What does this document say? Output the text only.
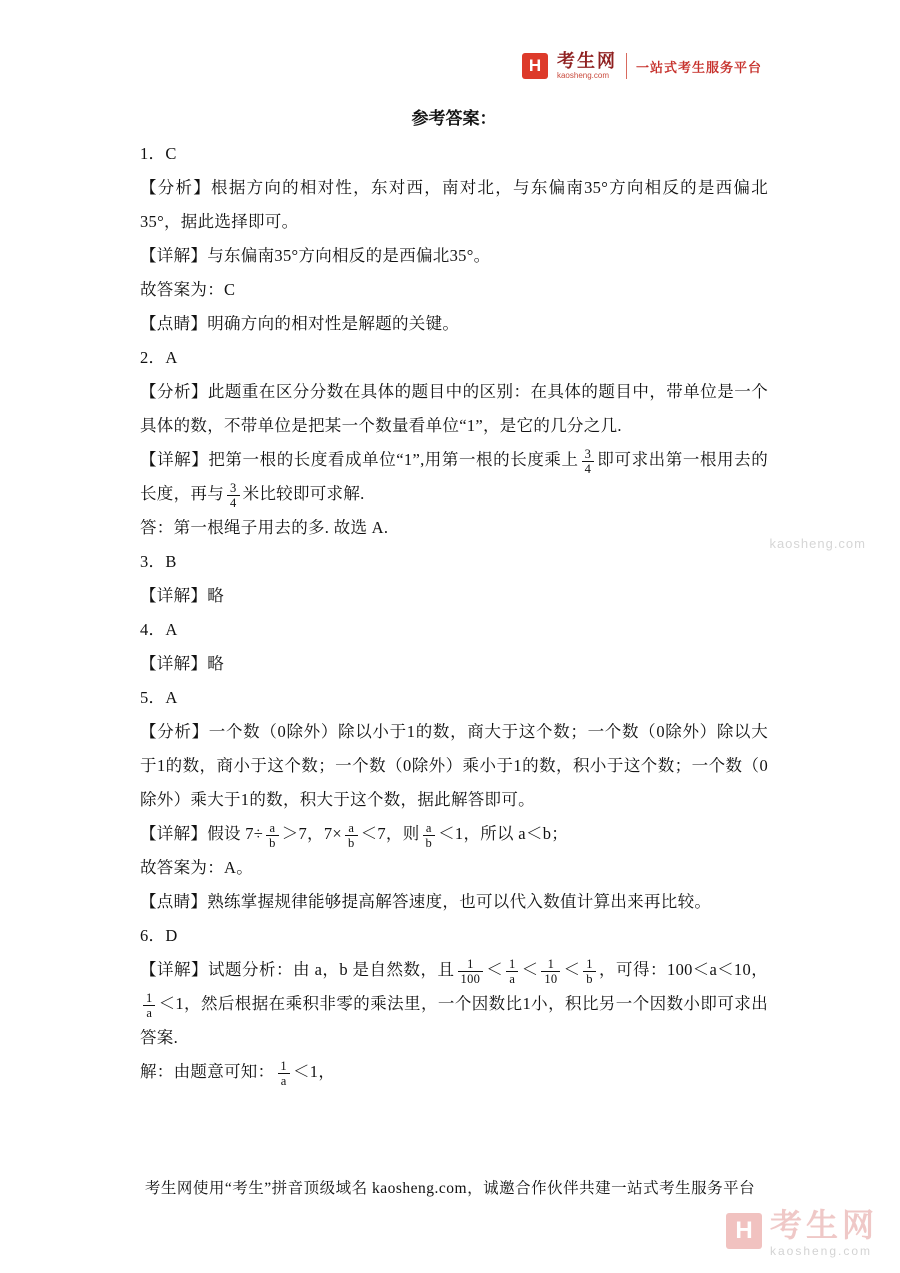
H 考生网
kaosheng.com
一站式考生服务平台
参考答案：

1．C

【分析】根据方向的相对性，东对西，南对北，与东偏南35°方向相反的是西偏北35°，据此选择即可。

【详解】与东偏南35°方向相反的是西偏北35°。

故答案为：C

【点睛】明确方向的相对性是解题的关键。

2．A

【分析】此题重在区分分数在具体的题目中的区别：在具体的题目中，带单位是一个具体的数，不带单位是把某一个数量看单位“1”，是它的几分之几.

【详解】把第一根的长度看成单位“1”,用第一根的长度乘上 $\frac{3}{4}$ 即可求出第一根用去的长度，再与 $\frac{3}{4}$ 米比较即可求解.

答：第一根绳子用去的多. 故选 A.

3．B

【详解】略

4．A

【详解】略

5．A

【分析】一个数（0除外）除以小于1的数，商大于这个数；一个数（0除外）除以大于1的数，商小于这个数；一个数（0除外）乘小于1的数，积小于这个数；一个数（0除外）乘大于1的数，积大于这个数，据此解答即可。

【详解】假设 $7\div \frac{a}{b} >7$，$7\times \frac{a}{b} <7$，则 $\frac{a}{b} <1$，所以 a＜b；

故答案为：A。

【点睛】熟练掌握规律能够提高解答速度，也可以代入数值计算出来再比较。

6．D

【详解】试题分析：由 a，b 是自然数，且 $\frac{1}{100} < \frac{1}{a} < \frac{1}{10} < \frac{1}{b}$ ，可得：100＜a＜10，
$\frac{1}{a} <1$，然后根据在乘积非零的乘法里，一个因数比1小，积比另一个因数小即可求出答案.

解：由题意可知： $\frac{1}{a} <1$，

kaosheng.com
考生网使用“考生”拼音顶级域名 kaosheng.com，诚邀合作伙伴共建一站式考生服务平台
H 考生网
kaosheng.com
